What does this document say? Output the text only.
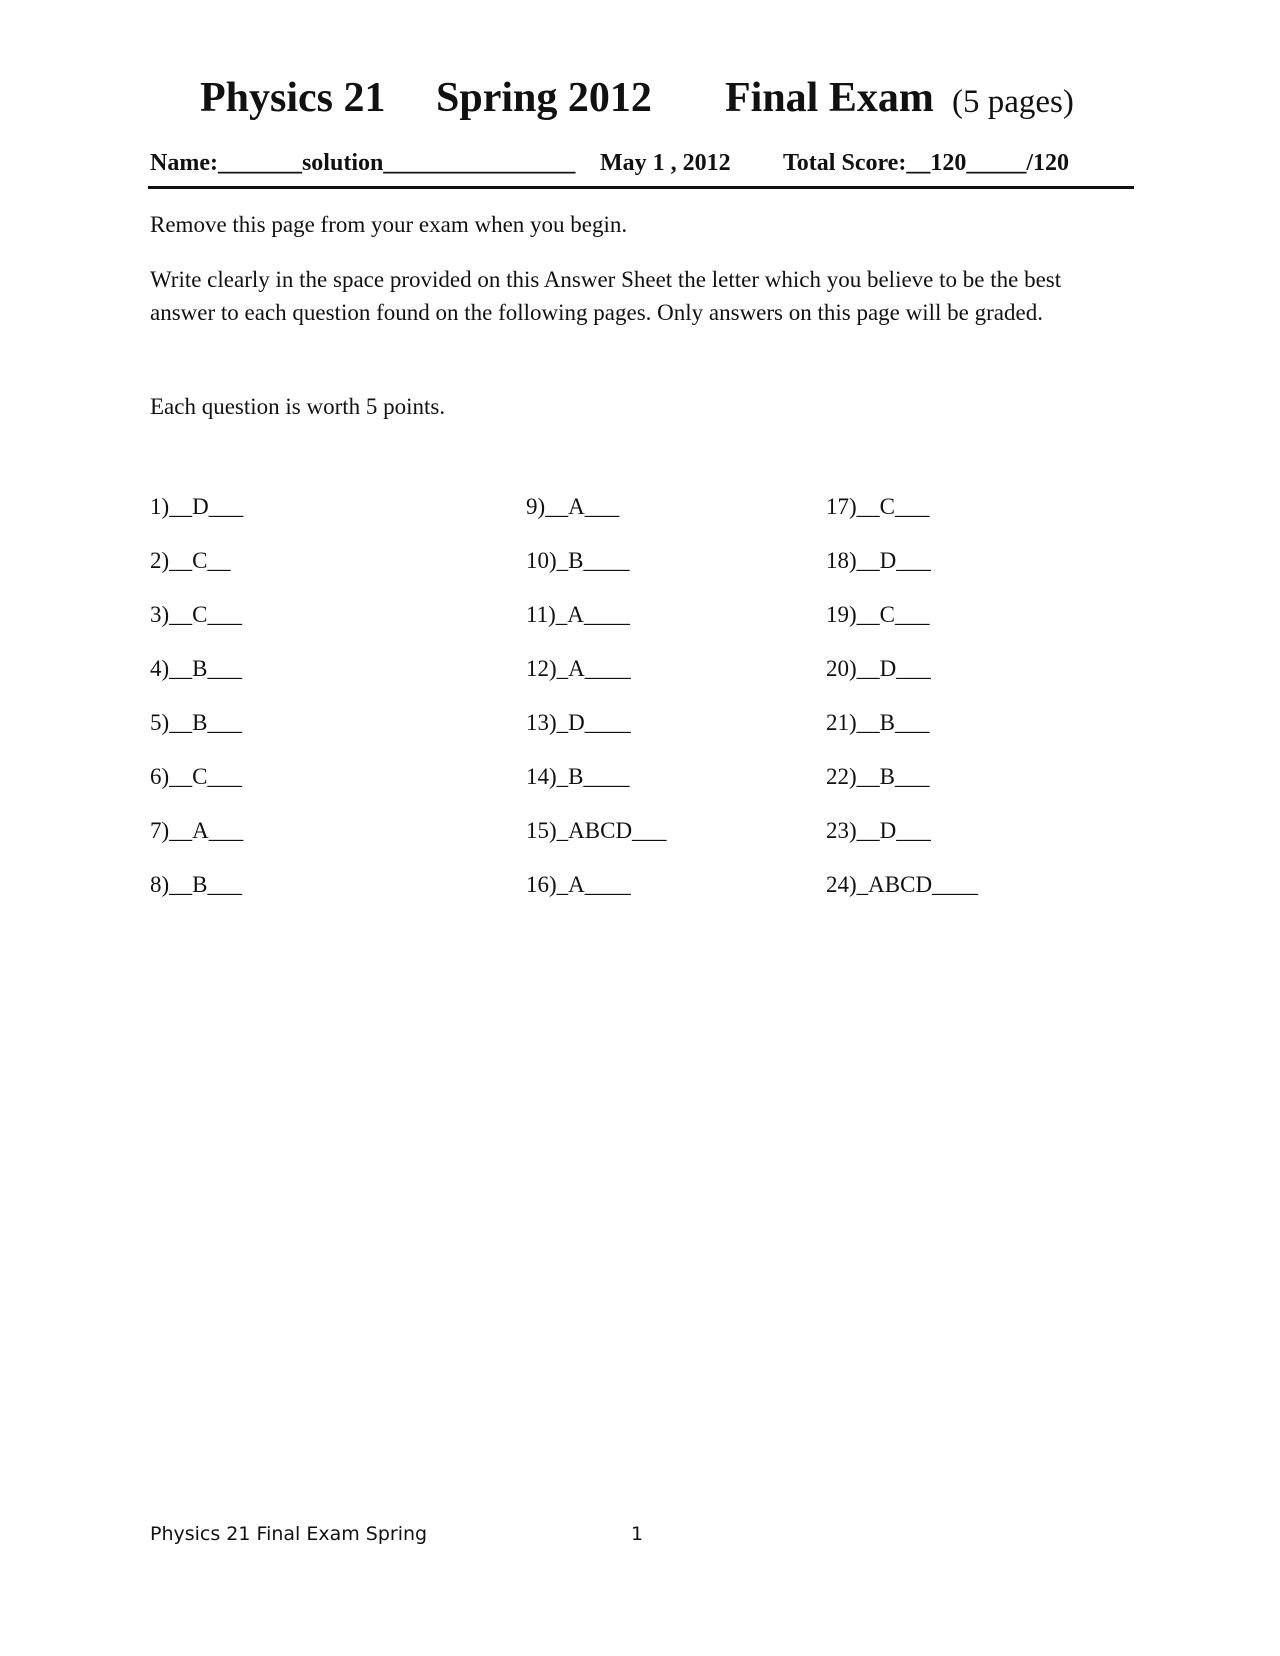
Physics 21 Spring 2012 Final Exam (5 pages)
Name:_______solution________________ May 1 , 2012 Total Score:__120_____/120
Remove this page from your exam when you begin.
Write clearly in the space provided on this Answer Sheet the letter which you believe to be the best answer to each question found on the following pages. Only answers on this page will be graded.
Each question is worth 5 points.
1)__D___
2)__C__
3)__C___
4)__B___
5)__B___
6)__C___
7)__A___
8)__B___
9)__A___
10)_B____
11)_A____
12)_A____
13)_D____
14)_B____
15)_ABCD___
16)_A____
17)__C___
18)__D___
19)__C___
20)__D___
21)__B___
22)__B___
23)__D___
24)_ABCD____
Physics 21 Final Exam Spring	1
